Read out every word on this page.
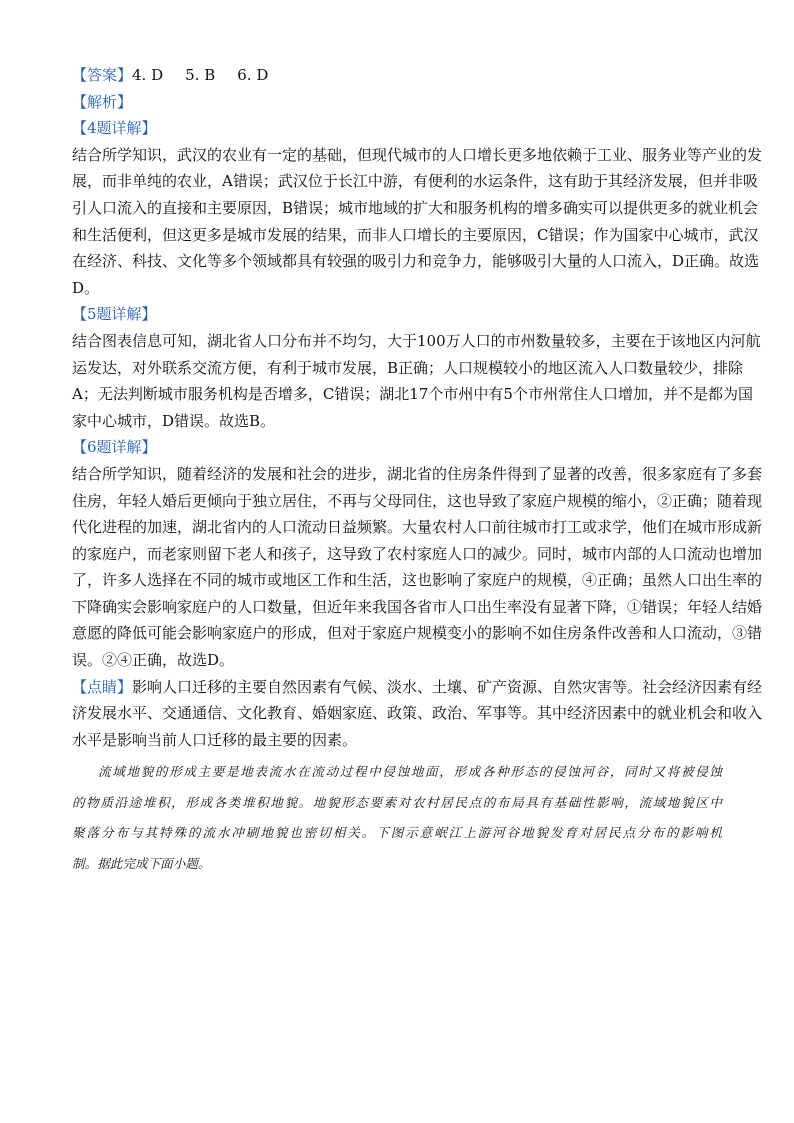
【答案】4. D 5. B 6. D

【解析】

【4题详解】

结合所学知识，武汉的农业有一定的基础，但现代城市的人口增长更多地依赖于工业、服务业等产业的发

展，而非单纯的农业，A错误；武汉位于长江中游，有便利的水运条件，这有助于其经济发展，但并非吸

引人口流入的直接和主要原因，B错误；城市地域的扩大和服务机构的增多确实可以提供更多的就业机会

和生活便利，但这更多是城市发展的结果，而非人口增长的主要原因，C错误；作为国家中心城市，武汉

在经济、科技、文化等多个领域都具有较强的吸引力和竞争力，能够吸引大量的人口流入，D正确。故选

D。

【5题详解】

结合图表信息可知，湖北省人口分布并不均匀，大于100万人口的市州数量较多，主要在于该地区内河航

运发达，对外联系交流方便，有利于城市发展，B正确；人口规模较小的地区流入人口数量较少，排除

A；无法判断城市服务机构是否增多，C错误；湖北17个市州中有5个市州常住人口增加，并不是都为国

家中心城市，D错误。故选B。

【6题详解】

结合所学知识，随着经济的发展和社会的进步，湖北省的住房条件得到了显著的改善，很多家庭有了多套

住房，年轻人婚后更倾向于独立居住，不再与父母同住，这也导致了家庭户规模的缩小，②正确；随着现

代化进程的加速，湖北省内的人口流动日益频繁。大量农村人口前往城市打工或求学，他们在城市形成新

的家庭户，而老家则留下老人和孩子，这导致了农村家庭人口的减少。同时，城市内部的人口流动也增加

了，许多人选择在不同的城市或地区工作和生活，这也影响了家庭户的规模，④正确；虽然人口出生率的

下降确实会影响家庭户的人口数量，但近年来我国各省市人口出生率没有显著下降，①错误；年轻人结婚

意愿的降低可能会影响家庭户的形成，但对于家庭户规模变小的影响不如住房条件改善和人口流动，③错

误。②④正确，故选D。

【点睛】影响人口迁移的主要自然因素有气候、淡水、土壤、矿产资源、自然灾害等。社会经济因素有经

济发展水平、交通通信、文化教育、婚姻家庭、政策、政治、军事等。其中经济因素中的就业机会和收入

水平是影响当前人口迁移的最主要的因素。

流域地貌的形成主要是地表流水在流动过程中侵蚀地面，形成各种形态的侵蚀河谷，同时又将被侵蚀

的物质沿途堆积，形成各类堆积地貌。地貌形态要素对农村居民点的布局具有基础性影响，流域地貌区中

聚落分布与其特殊的流水冲刷地貌也密切相关。下图示意岷江上游河谷地貌发育对居民点分布的影响机

制。据此完成下面小题。
